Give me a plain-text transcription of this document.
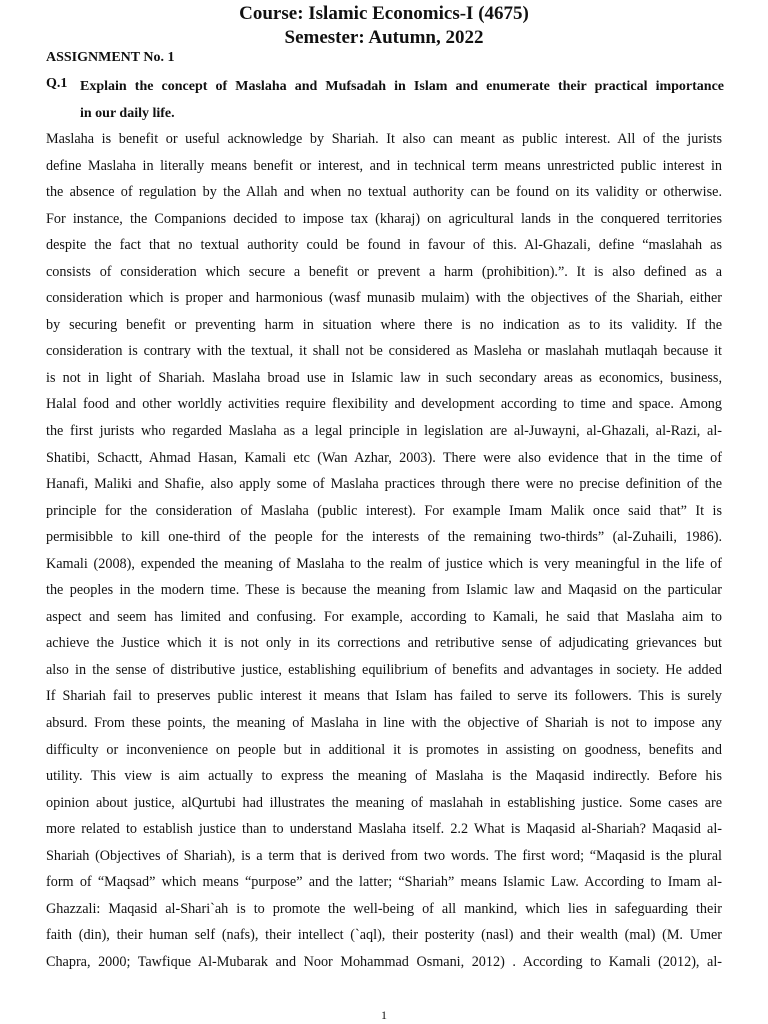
Course: Islamic Economics-I (4675)
Semester: Autumn, 2022
ASSIGNMENT No. 1
Q.1 Explain the concept of Maslaha and Mufsadah in Islam and enumerate their practical importance
in our daily life.
Maslaha is benefit or useful acknowledge by Shariah. It also can meant as public interest. All of the jurists
define Maslaha in literally means benefit or interest, and in technical term means unrestricted public interest in
the absence of regulation by the Allah and when no textual authority can be found on its validity or otherwise.
For instance, the Companions decided to impose tax (kharaj) on agricultural lands in the conquered territories
despite the fact that no textual authority could be found in favour of this. Al-Ghazali, define “maslahah as
consists of consideration which secure a benefit or prevent a harm (prohibition).”. It is also defined as a
consideration which is proper and harmonious (wasf munasib mulaim) with the objectives of the Shariah, either
by securing benefit or preventing harm in situation where there is no indication as to its validity. If the
consideration is contrary with the textual, it shall not be considered as Masleha or maslahah mutlaqah because it
is not in light of Shariah. Maslaha broad use in Islamic law in such secondary areas as economics, business,
Halal food and other worldly activities require flexibility and development according to time and space. Among
the first jurists who regarded Maslaha as a legal principle in legislation are al-Juwayni, al-Ghazali, al-Razi, al-
Shatibi, Schactt, Ahmad Hasan, Kamali etc (Wan Azhar, 2003). There were also evidence that in the time of
Hanafi, Maliki and Shafie, also apply some of Maslaha practices through there were no precise definition of the
principle for the consideration of Maslaha (public interest). For example Imam Malik once said that” It is
permisibble to kill one-third of the people for the interests of the remaining two-thirds” (al-Zuhaili, 1986).
Kamali (2008), expended the meaning of Maslaha to the realm of justice which is very meaningful in the life of
the peoples in the modern time. These is because the meaning from Islamic law and Maqasid on the particular
aspect and seem has limited and confusing. For example, according to Kamali, he said that Maslaha aim to
achieve the Justice which it is not only in its corrections and retributive sense of adjudicating grievances but
also in the sense of distributive justice, establishing equilibrium of benefits and advantages in society. He added
If Shariah fail to preserves public interest it means that Islam has failed to serve its followers. This is surely
absurd. From these points, the meaning of Maslaha in line with the objective of Shariah is not to impose any
difficulty or inconvenience on people but in additional it is promotes in assisting on goodness, benefits and
utility. This view is aim actually to express the meaning of Maslaha is the Maqasid indirectly. Before his
opinion about justice, alQurtubi had illustrates the meaning of maslahah in establishing justice. Some cases are
more related to establish justice than to understand Maslaha itself. 2.2 What is Maqasid al-Shariah? Maqasid al-
Shariah (Objectives of Shariah), is a term that is derived from two words. The first word; “Maqasid is the plural
form of “Maqsad” which means “purpose” and the latter; “Shariah” means Islamic Law. According to Imam al-
Ghazzali: Maqasid al-Shari`ah is to promote the well-being of all mankind, which lies in safeguarding their
faith (din), their human self (nafs), their intellect (`aql), their posterity (nasl) and their wealth (mal) (M. Umer
Chapra, 2000; Tawfique Al-Mubarak and Noor Mohammad Osmani, 2012) . According to Kamali (2012), al-
1
